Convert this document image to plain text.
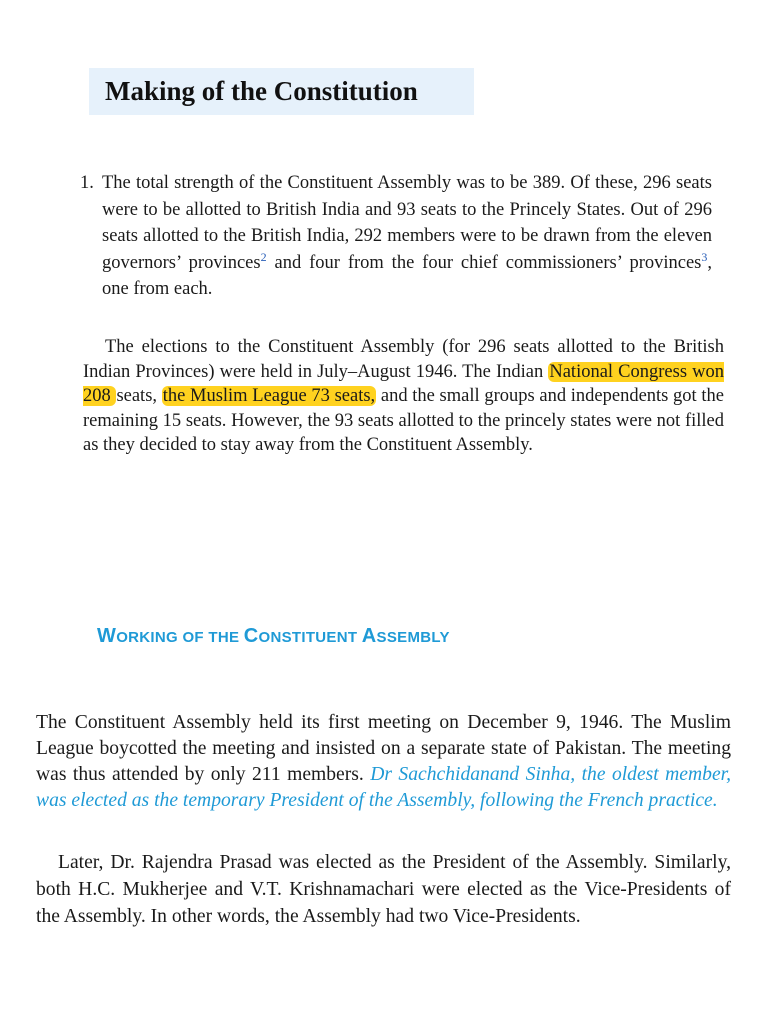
Making of the Constitution
1. The total strength of the Constituent Assembly was to be 389. Of these, 296 seats were to be allotted to British India and 93 seats to the Princely States. Out of 296 seats allotted to the British India, 292 members were to be drawn from the eleven governors’ provinces$^2$ and four from the four chief commissioners’ provinces$^3$, one from each.

The elections to the Constituent Assembly (for 296 seats allotted to the British Indian Provinces) were held in July–August 1946. The Indian National Congress won 208 seats, the Muslim League 73 seats, and the small groups and independents got the remaining 15 seats. However, the 93 seats allotted to the princely states were not filled as they decided to stay away from the Constituent Assembly.

WORKING OF THE CONSTITUENT ASSEMBLY

The Constituent Assembly held its first meeting on December 9, 1946. The Muslim League boycotted the meeting and insisted on a separate state of Pakistan. The meeting was thus attended by only 211 members. Dr Sachchidanand Sinha, the oldest member, was elected as the temporary President of the Assembly, following the French practice.

Later, Dr. Rajendra Prasad was elected as the President of the Assembly. Similarly, both H.C. Mukherjee and V.T. Krishnamachari were elected as the Vice-Presidents of the Assembly. In other words, the Assembly had two Vice-Presidents.
